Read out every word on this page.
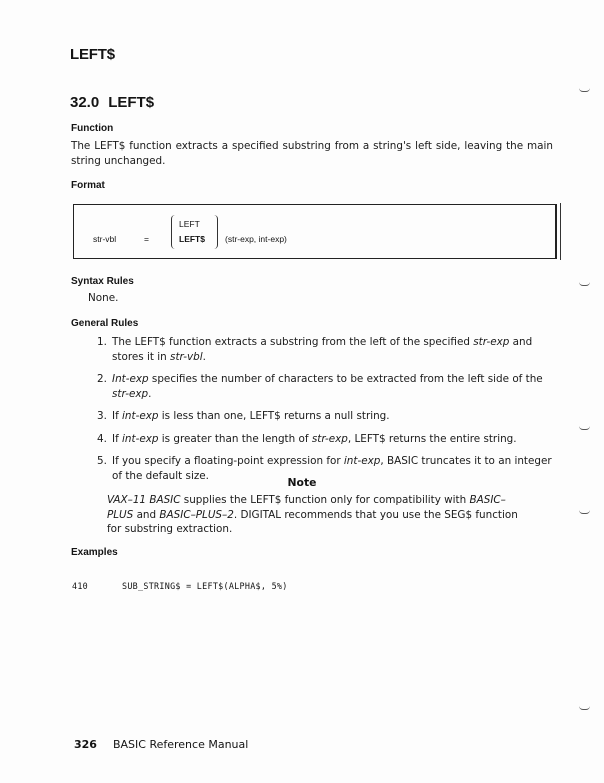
LEFT$
32.0 LEFT$
Function
The LEFT$ function extracts a specified substring from a string's left side, leaving the main string unchanged.
Format
str-vbl	=
LEFT
LEFT$ (str-exp, int-exp)
Syntax Rules
None.
General Rules
1. The LEFT$ function extracts a substring from the left of the specified str-exp and stores it in str-vbl.
2. Int-exp specifies the number of characters to be extracted from the left side of the str-exp.
3. If int-exp is less than one, LEFT$ returns a null string.
4. If int-exp is greater than the length of str-exp, LEFT$ returns the entire string.
5. If you specify a floating-point expression for int-exp, BASIC truncates it to an integer of the default size.
Note
VAX–11 BASIC supplies the LEFT$ function only for compatibility with BASIC–PLUS and BASIC–PLUS–2. DIGITAL recommends that you use the SEG$ function for substring extraction.
Examples
410	SUB_STRING$ = LEFT$(ALPHA$, 5%)
326 BASIC Reference Manual
